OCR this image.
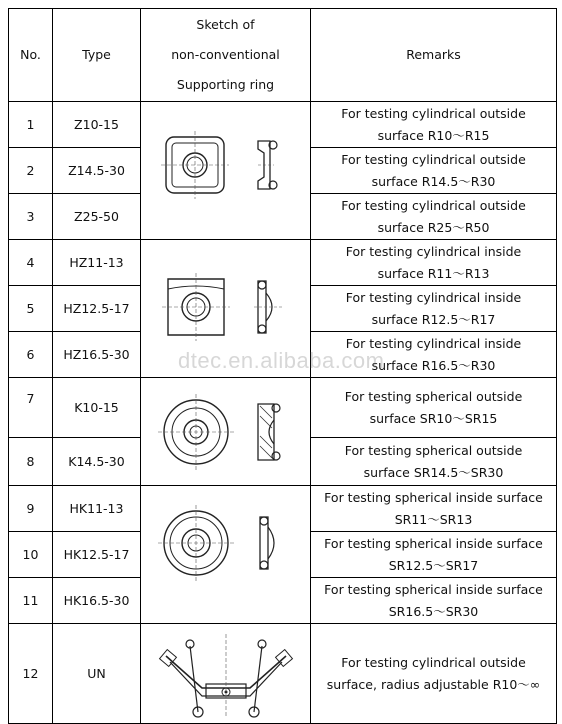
No.	Type	Sketch of
non-conventional
Supporting ring	Remarks
1	Z10-15		For testing cylindrical outside
surface R10～R15

2	Z14.5-30		For testing cylindrical outside
surface R14.5～R30

3	Z25-50		For testing cylindrical outside
surface R25～R50

4	HZ11-13		For testing cylindrical inside
surface R11～R13

5	HZ12.5-17		For testing cylindrical inside
surface R12.5～R17

6	HZ16.5-30		For testing cylindrical inside
surface R16.5～R30

7	K10-15		For testing spherical outside
surface SR10～SR15

8	K14.5-30		For testing spherical outside
surface SR14.5～SR30

9	HK11-13		For testing spherical inside surface
SR11～SR13

10	HK12.5-17		For testing spherical inside surface
SR12.5～SR17

11	HK16.5-30		For testing spherical inside surface
SR16.5～SR30

12	UN		For testing cylindrical outside
surface, radius adjustable R10～∞
dtec.en.alibaba.com
